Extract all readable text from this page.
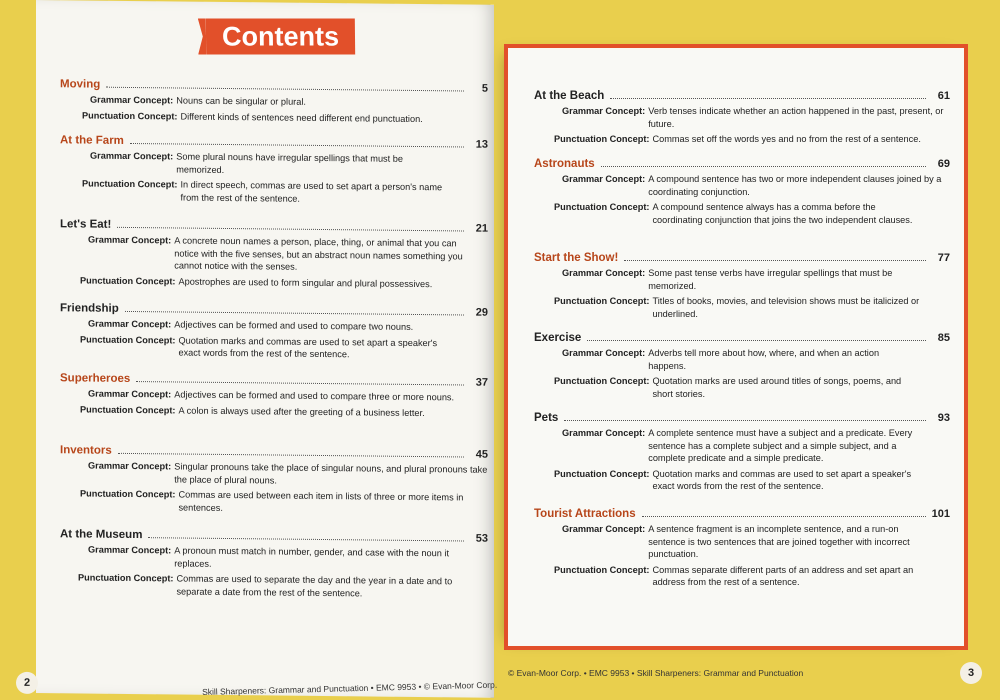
Contents
Moving	5
Grammar Concept: Nouns can be singular or plural.
Punctuation Concept: Different kinds of sentences need different end punctuation.
At the Farm	13
Grammar Concept: Some plural nouns have irregular spellings that must be memorized.
Punctuation Concept: In direct speech, commas are used to set apart a person's name from the rest of the sentence.
Let's Eat!	21
Grammar Concept: A concrete noun names a person, place, thing, or animal that you can notice with the five senses, but an abstract noun names something you cannot notice with the senses.
Punctuation Concept: Apostrophes are used to form singular and plural possessives.
Friendship	29
Grammar Concept: Adjectives can be formed and used to compare two nouns.
Punctuation Concept: Quotation marks and commas are used to set apart a speaker's exact words from the rest of the sentence.
Superheroes	37
Grammar Concept: Adjectives can be formed and used to compare three or more nouns.
Punctuation Concept: A colon is always used after the greeting of a business letter.
Inventors	45
Grammar Concept: Singular pronouns take the place of singular nouns, and plural pronouns take the place of plural nouns.
Punctuation Concept: Commas are used between each item in lists of three or more items in sentences.
At the Museum	53
Grammar Concept: A pronoun must match in number, gender, and case with the noun it replaces.
Punctuation Concept: Commas are used to separate the day and the year in a date and to separate a date from the rest of the sentence.
2	Skill Sharpeners: Grammar and Punctuation • EMC 9953 • © Evan-Moor Corp.
At the Beach	61
Grammar Concept: Verb tenses indicate whether an action happened in the past, present, or future.
Punctuation Concept: Commas set off the words yes and no from the rest of a sentence.
Astronauts	69
Grammar Concept: A compound sentence has two or more independent clauses joined by a coordinating conjunction.
Punctuation Concept: A compound sentence always has a comma before the coordinating conjunction that joins the two independent clauses.
Start the Show!	77
Grammar Concept: Some past tense verbs have irregular spellings that must be memorized.
Punctuation Concept: Titles of books, movies, and television shows must be italicized or underlined.
Exercise	85
Grammar Concept: Adverbs tell more about how, where, and when an action happens.
Punctuation Concept: Quotation marks are used around titles of songs, poems, and short stories.
Pets	93
Grammar Concept: A complete sentence must have a subject and a predicate. Every sentence has a complete subject and a simple subject, and a complete predicate and a simple predicate.
Punctuation Concept: Quotation marks and commas are used to set apart a speaker's exact words from the rest of the sentence.
Tourist Attractions	101
Grammar Concept: A sentence fragment is an incomplete sentence, and a run-on sentence is two sentences that are joined together with incorrect punctuation.
Punctuation Concept: Commas separate different parts of an address and set apart an address from the rest of a sentence.
© Evan-Moor Corp. • EMC 9953 • Skill Sharpeners: Grammar and Punctuation	3
